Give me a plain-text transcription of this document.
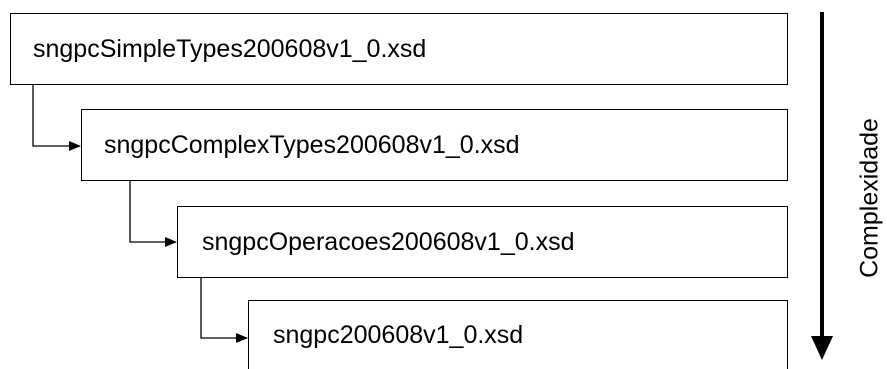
sngpcSimpleTypes200608v1_0.xsd
sngpcComplexTypes200608v1_0.xsd
sngpcOperacoes200608v1_0.xsd
sngpc200608v1_0.xsd
Complexidade
